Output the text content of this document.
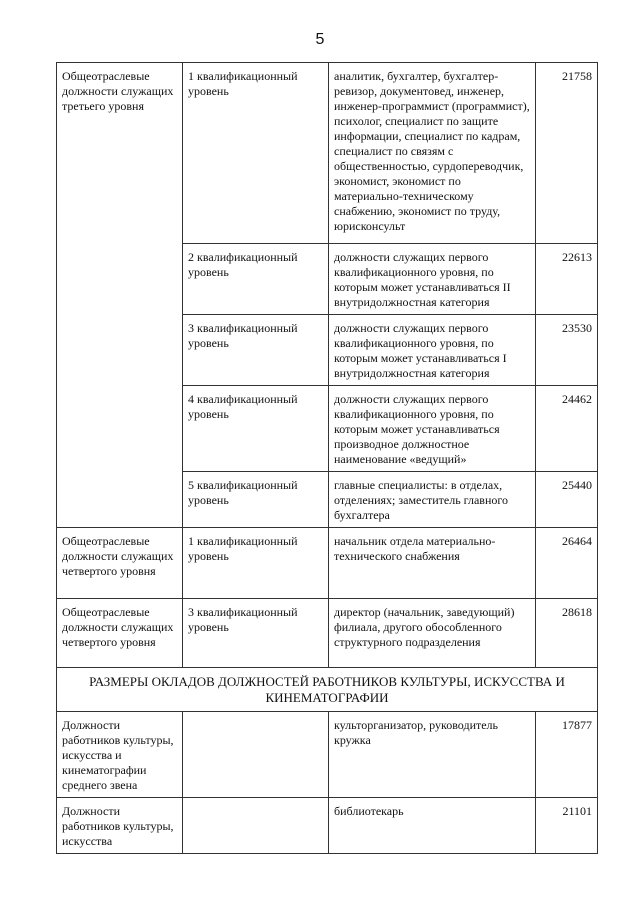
5
Общеотраслевые должности служащих третьего уровня	1 квалификационный уровень	аналитик, бухгалтер, бухгалтер-ревизор, документовед, инженер, инженер-программист (программист), психолог, специалист по защите информации, специалист по кадрам, специалист по связям с общественностью, сурдопереводчик, экономист, экономист по материально-техническому снабжению, экономист по труду, юрисконсульт	21758
	2 квалификационный уровень	должности служащих первого квалификационного уровня, по которым может устанавливаться II внутридолжностная категория	22613
	3 квалификационный уровень	должности служащих первого квалификационного уровня, по которым может устанавливаться I внутридолжностная категория	23530
	4 квалификационный уровень	должности служащих первого квалификационного уровня, по которым может устанавливаться производное должностное наименование «ведущий»	24462
	5 квалификационный уровень	главные специалисты: в отделах, отделениях; заместитель главного бухгалтера	25440
Общеотраслевые должности служащих четвертого уровня	1 квалификационный уровень	начальник отдела материально-технического снабжения	26464
Общеотраслевые должности служащих четвертого уровня	3 квалификационный уровень	директор (начальник, заведующий) филиала, другого обособленного структурного подразделения	28618
РАЗМЕРЫ ОКЛАДОВ ДОЛЖНОСТЕЙ РАБОТНИКОВ КУЛЬТУРЫ, ИСКУССТВА И КИНЕМАТОГРАФИИ			
Должности работников культуры, искусства и кинематографии среднего звена		культорганизатор, руководитель кружка	17877
Должности работников культуры, искусства		библиотекарь	21101
